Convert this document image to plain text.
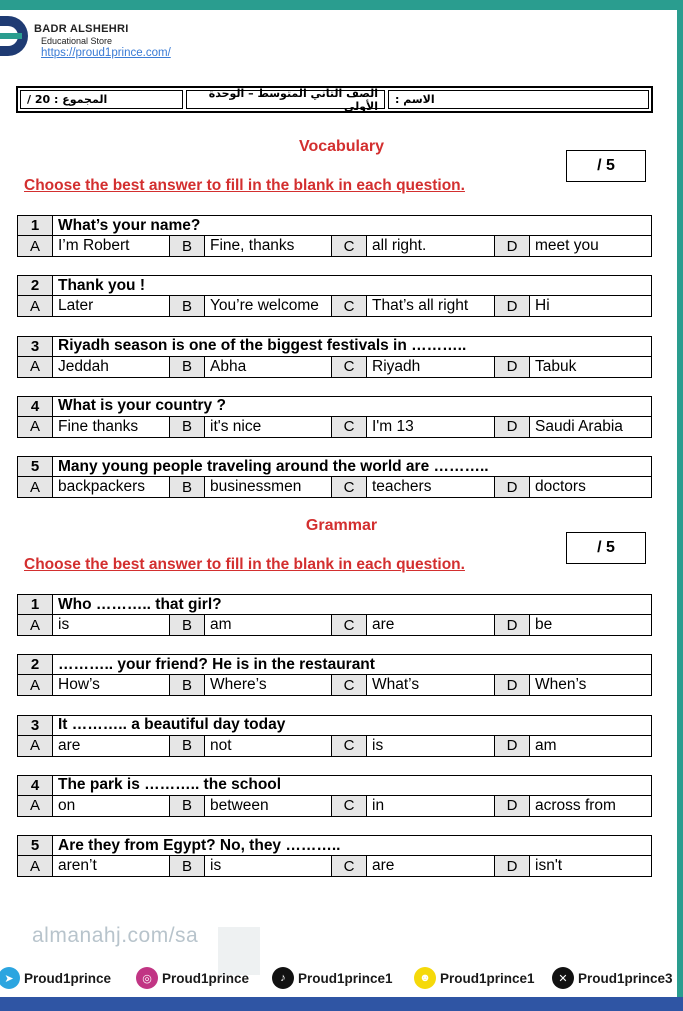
BADR ALSHEHRI
Educational Store
https://proud1prince.com/
المجموع : 20 /	الصف الثاني المتوسط – الوحدة الأولى	الاسم :
Vocabulary
/ 5
Choose the best answer to fill in the blank in each question.
1	What’s your name?
A	I’m Robert	B	Fine, thanks	C	all right.	D	meet you
2	Thank you !
A	Later	B	You’re welcome	C	That’s all right	D	Hi
3	Riyadh season is one of the biggest festivals in ………..
A	Jeddah	B	Abha	C	Riyadh	D	Tabuk
4	What is your country ?
A	Fine thanks	B	it's nice	C	I'm 13	D	Saudi Arabia
5	Many young people traveling around the world are ………..
A	backpackers	B	businessmen	C	teachers	D	doctors
Grammar
/ 5
Choose the best answer to fill in the blank in each question.
1	Who ……….. that girl?
A	is	B	am	C	are	D	be
2	……….. your friend? He is in the restaurant
A	How’s	B	Where’s	C	What’s	D	When’s
3	It ……….. a beautiful day today
A	are	B	not	C	is	D	am
4	The park is ……….. the school
A	on	B	between	C	in	D	across from
5	Are they from Egypt? No, they ………..
A	aren’t	B	is	C	are	D	isn't
almanahj.com/sa
➤ Proud1prince	◎ Proud1prince	♪ Proud1prince1	☻ Proud1prince1	✕ Proud1prince3
